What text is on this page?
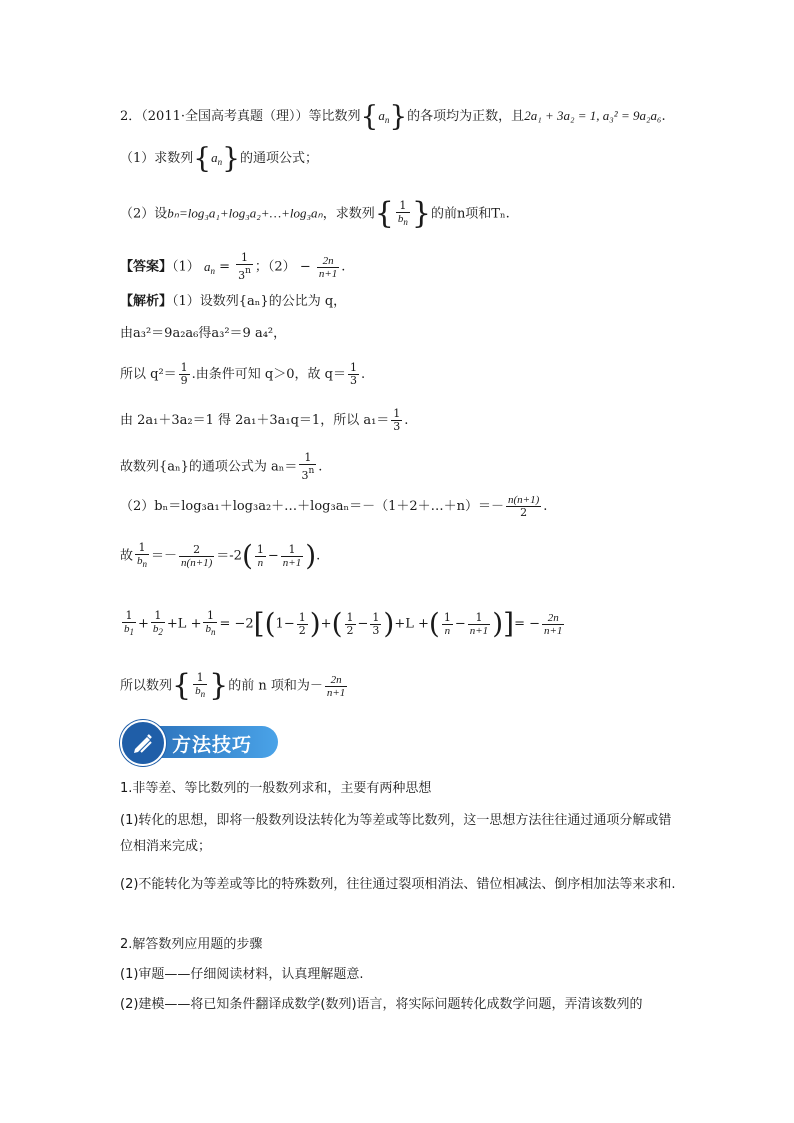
2．（2011·全国高考真题（理））等比数列$\{a_n\}$的各项均为正数，且2a₁ + 3a₂ = 1, a₃² = 9a₂a₆.
（1）求数列$\{a_n\}$的通项公式；
（2）设bₙ=log₃a₁+log₃a₂+…+log₃aₙ，求数列{ $\frac{1}{b_n}$ }的前n项和Tₙ.
【答案】（1） $a_n = \frac{1}{3^n}$ ；$(2) - \frac{2n}{n+1}$ .
【解析】（1）设数列{aₙ}的公比为 q，
由a₃²＝9a₂a₆得a₃²＝9 a₄²，
所以 $q^2= \frac{1}{9}$ .由条件可知 q＞0，故 $q= \frac{1}{3}$ .
由 2a₁＋3a₂＝1 得 2a₁＋3a₁q＝1，所以 $a_1= \frac{1}{3}$ .
故数列{aₙ}的通项公式为 $a_n= \frac{1}{3^n}$ .
（2）bₙ＝log₃a₁＋log₃a₂＋…＋log₃aₙ＝－（1＋2＋…＋n）＝－ $\frac{n(n+1)}{2}$ .
故 $\frac{1}{b_n} =- \frac{2}{n(n+1)} =-2( \frac{1}{n} - \frac{1}{n+1}$ ).
$\frac{1}{b_1} + \frac{1}{b_2} +L + \frac{1}{b_n} = -2[(1- \frac{1}{2}$ )+( $\frac{1}{2} - \frac{1}{3} )+L$ +( $\frac{1}{n} - \frac{1}{n+1}$ )]= − $\frac{2n}{n+1}$
所以数列{ $\frac{1}{b_n}$ }的前 n 项和为－ $\frac{2n}{n+1}$
方法技巧
1.非等差、等比数列的一般数列求和，主要有两种思想
(1)转化的思想，即将一般数列设法转化为等差或等比数列，这一思想方法往往通过通项分解或错位相消来完成；
(2)不能转化为等差或等比的特殊数列，往往通过裂项相消法、错位相减法、倒序相加法等来求和.
2.解答数列应用题的步骤
(1)审题——仔细阅读材料，认真理解题意.
(2)建模——将已知条件翻译成数学(数列)语言，将实际问题转化成数学问题，弄清该数列的
